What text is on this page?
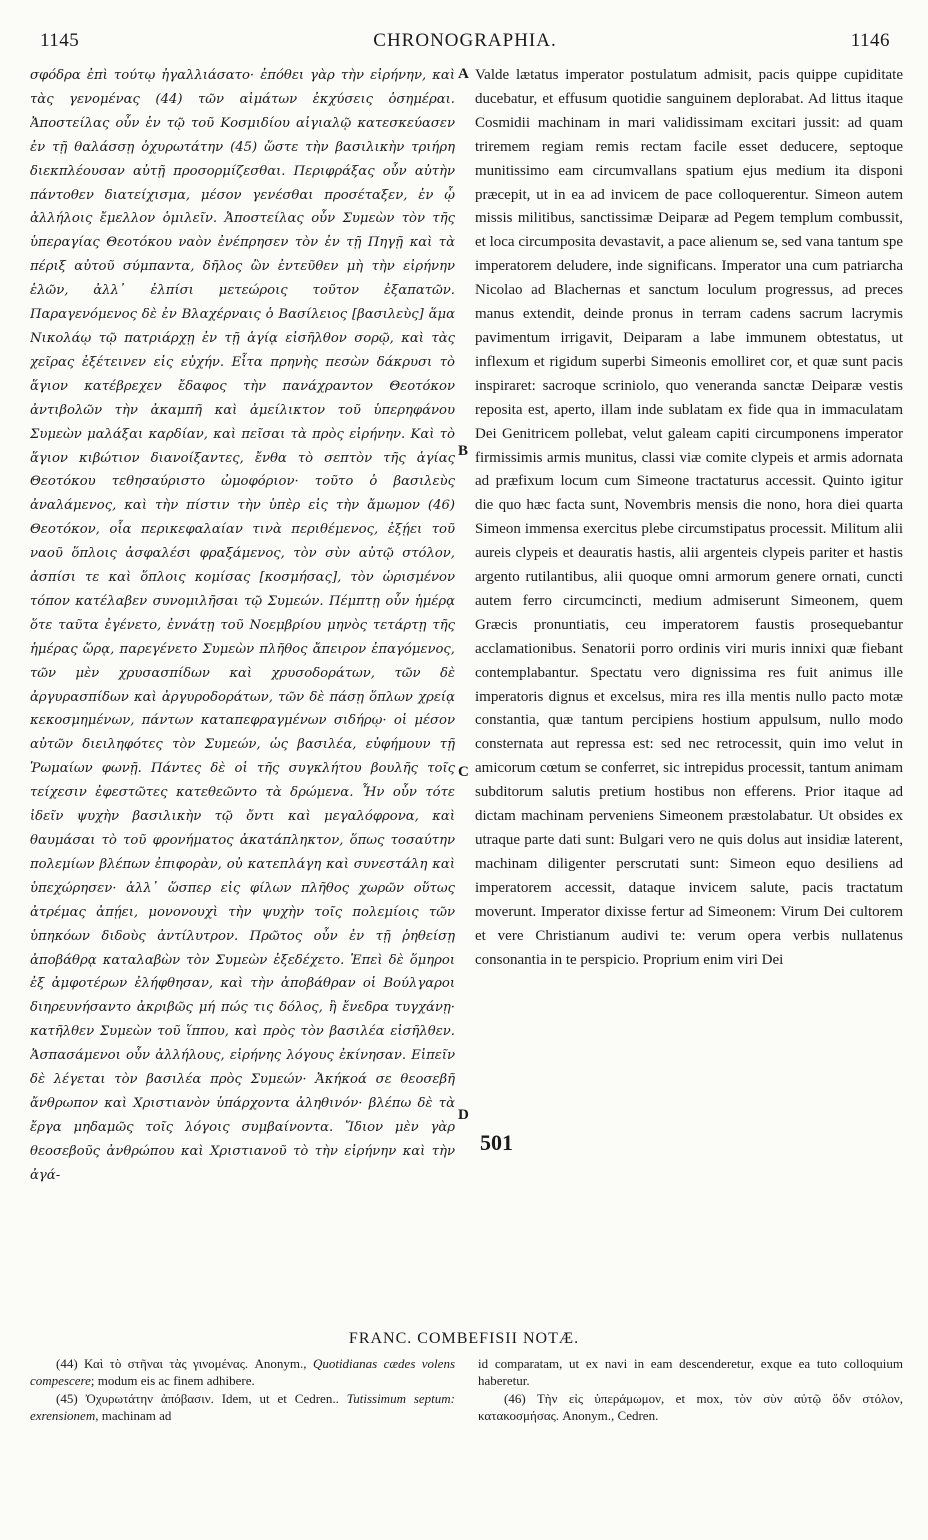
1145	CHRONOGRAPHIA.	1146

σφόδρα ἐπὶ τούτῳ ἠγαλλιάσατο· ἐπόθει γὰρ τὴν εἰρήνην, καὶ τὰς γενομένας (44) τῶν αἱμάτων ἐκχύσεις ὁσημέραι. Ἀποστείλας οὖν ἐν τῷ τοῦ Κοσμιδίου αἰγιαλῷ κατεσκεύασεν ἐν τῇ θαλάσσῃ ὀχυρωτάτην (45) ὥστε τὴν βασιλικὴν τριήρη διεκπλέουσαν αὐτῇ προσορμίζεσθαι. Περιφράξας οὖν αὐτὴν πάντοθεν διατείχισμα, μέσον γενέσθαι προσέταξεν, ἐν ᾧ ἀλλήλοις ἔμελλον ὁμιλεῖν. Ἀποστείλας οὖν Συμεὼν τὸν τῆς ὑπεραγίας Θεοτόκου ναὸν ἐνέπρησεν τὸν ἐν τῇ Πηγῇ καὶ τὰ πέριξ αὐτοῦ σύμπαντα, δῆλος ὢν ἐντεῦθεν μὴ τὴν εἰρήνην ἑλῶν, ἀλλ᾽ ἐλπίσι μετεώροις τοῦτον ἐξαπατῶν. Παραγενόμενος δὲ ἐν Βλαχέρναις ὁ Βασίλειος [βασιλεὺς] ἅμα Νικολάῳ τῷ πατριάρχῃ ἐν τῇ ἁγίᾳ εἰσῆλθον σορῷ, καὶ τὰς χεῖρας ἐξέτεινεν εἰς εὐχήν. Εἶτα πρηνὴς πεσὼν δάκρυσι τὸ ἅγιον κατέβρεχεν ἔδαφος τὴν πανάχραντον Θεοτόκον ἀντιβολῶν τὴν ἀκαμπῆ καὶ ἀμείλικτον τοῦ ὑπερηφάνου Συμεὼν μαλάξαι καρδίαν, καὶ πεῖσαι τὰ πρὸς εἰρήνην. Καὶ τὸ ἅγιον κιβώτιον διανοίξαντες, ἔνθα τὸ σεπτὸν τῆς ἁγίας Θεοτόκου τεθησαύριστο ὠμοφόριον· τοῦτο ὁ βασιλεὺς ἀναλάμενος, καὶ τὴν πίστιν τὴν ὑπὲρ εἰς τὴν ἄμωμον (46) Θεοτόκον, οἷα περικεφαλαίαν τινὰ περιθέμενος, ἐξῄει τοῦ ναοῦ ὅπλοις ἀσφαλέσι φραξάμενος, τὸν σὺν αὐτῷ στόλον, ἀσπίσι τε καὶ ὅπλοις κομίσας [κοσμήσας], τὸν ὡρισμένον τόπον κατέλαβεν συνομιλῆσαι τῷ Συμεών. Πέμπτῃ οὖν ἡμέρᾳ ὅτε ταῦτα ἐγένετο, ἐννάτῃ τοῦ Νοεμβρίου μηνὸς τετάρτῃ τῆς ἡμέρας ὥρᾳ, παρεγένετο Συμεὼν πλῆθος ἄπειρον ἐπαγόμενος, τῶν μὲν χρυσασπίδων καὶ χρυσοδοράτων, τῶν δὲ ἀργυρασπίδων καὶ ἀργυροδοράτων, τῶν δὲ πάσῃ ὅπλων χρείᾳ κεκοσμημένων, πάντων καταπεφραγμένων σιδήρῳ· οἱ μέσον αὐτῶν διειληφότες τὸν Συμεών, ὡς βασιλέα, εὐφήμουν τῇ Ῥωμαίων φωνῇ. Πάντες δὲ οἱ τῆς συγκλήτου βουλῆς τοῖς τείχεσιν ἐφεστῶτες κατεθεῶντο τὰ δρώμενα. Ἦν οὖν τότε ἰδεῖν ψυχὴν βασιλικὴν τῷ ὄντι καὶ μεγαλόφρονα, καὶ θαυμάσαι τὸ τοῦ φρονήματος ἀκατάπληκτον, ὅπως τοσαύτην πολεμίων βλέπων ἐπιφορὰν, οὐ κατεπλάγη καὶ συνεστάλη καὶ ὑπεχώρησεν· ἀλλ᾽ ὥσπερ εἰς φίλων πλῆθος χωρῶν οὕτως ἀτρέμας ἀπῄει, μονονουχὶ τὴν ψυχὴν τοῖς πολεμίοις τῶν ὑπηκόων διδοὺς ἀντίλυτρον. Πρῶτος οὖν ἐν τῇ ῥηθείσῃ ἀποβάθρᾳ καταλαβὼν τὸν Συμεὼν ἐξεδέχετο. Ἐπεὶ δὲ ὅμηροι ἐξ ἀμφοτέρων ἐλήφθησαν, καὶ τὴν ἀποβάθραν οἱ Βούλγαροι διηρευνήσαντο ἀκριβῶς μή πώς τις δόλος, ἢ ἔνεδρα τυγχάνῃ· κατῆλθεν Συμεὼν τοῦ ἵππου, καὶ πρὸς τὸν βασιλέα εἰσῆλθεν. Ἀσπασάμενοι οὖν ἀλλήλους, εἰρήνης λόγους ἐκίνησαν. Εἰπεῖν δὲ λέγεται τὸν βασιλέα πρὸς Συμεών· Ἀκήκοά σε θεοσεβῆ ἄνθρωπον καὶ Χριστιανὸν ὑπάρχοντα ἀληθινόν· βλέπω δὲ τὰ ἔργα μηδαμῶς τοῖς λόγοις συμβαίνοντα. Ἴδιον μὲν γὰρ θεοσεβοῦς ἀνθρώπου καὶ Χριστιανοῦ τὸ τὴν εἰρήνην καὶ τὴν ἀγά-

Valde lætatus imperator postulatum admisit, pacis quippe cupiditate ducebatur, et effusum quotidie sanguinem deplorabat. Ad littus itaque Cosmidii machinam in mari validissimam excitari jussit: ad quam triremem regiam remis rectam facile esset deducere, septoque munitissimo eam circumvallans spatium ejus medium ita disponi præcepit, ut in ea ad invicem de pace colloquerentur. Simeon autem missis militibus, sanctissimæ Deiparæ ad Pegem templum combussit, et loca circumposita devastavit, a pace alienum se, sed vana tantum spe imperatorem deludere, inde significans. Imperator una cum patriarcha Nicolao ad Blachernas et sanctum loculum progressus, ad preces manus extendit, deinde pronus in terram cadens sacrum lacrymis pavimentum irrigavit, Deiparam a labe immunem obtestatus, ut inflexum et rigidum superbi Simeonis emolliret cor, et quæ sunt pacis inspiraret: sacroque scriniolo, quo veneranda sanctæ Deiparæ vestis reposita est, aperto, illam inde sublatam ex fide qua in immaculatam Dei Genitricem pollebat, velut galeam capiti circumponens imperator firmissimis armis munitus, classi viæ comite clypeis et armis adornata ad præfixum locum cum Simeone tractaturus accessit. Quinto igitur die quo hæc facta sunt, Novembris mensis die nono, hora diei quarta Simeon immensa exercitus plebe circumstipatus processit. Militum alii aureis clypeis et deauratis hastis, alii argenteis clypeis pariter et hastis argento rutilantibus, alii quoque omni armorum genere ornati, cuncti autem ferro circumcincti, medium admiserunt Simeonem, quem Græcis pronuntiatis, ceu imperatorem faustis prosequebantur acclamationibus. Senatorii porro ordinis viri muris innixi quæ fiebant contemplabantur. Spectatu vero dignissima res fuit animus ille imperatoris dignus et excelsus, mira res illa mentis nullo pacto motæ constantia, quæ tantum percipiens hostium appulsum, nullo modo consternata aut repressa est: sed nec retrocessit, quin imo velut in amicorum cœtum se conferret, sic intrepidus processit, tantum animam subditorum salutis pretium hostibus non efferens. Prior itaque ad dictam machinam perveniens Simeonem præstolabatur. Ut obsides ex utraque parte dati sunt: Bulgari vero ne quis dolus aut insidiæ laterent, machinam diligenter perscrutati sunt: Simeon equo desiliens ad imperatorem accessit, dataque invicem salute, pacis tractatum moverunt. Imperator dixisse fertur ad Simeonem: Virum Dei cultorem et vere Christianum audivi te: verum opera verbis nullatenus consonantia in te perspicio. Proprium enim viri Dei

A
B
C
D
501
FRANC. COMBEFISII NOTÆ.

(44) Καὶ τὸ στῆναι τὰς γινομένας. Anonym., Quotidianas cædes volens compescere; modum eis ac finem adhibere.

(45) Ὀχυρωτάτην ἀπόβασιν. Idem, ut et Cedren.. Tutissimum septum: exrensionem, machinam ad

id comparatam, ut ex navi in eam descenderetur, exque ea tuto colloquium haberetur.

(46) Τὴν εἰς ὑπεράμωμον, et mox, τὸν σὺν αὐτῷ ὅδν στόλον, κατακοσμήσας. Anonym., Cedren.
